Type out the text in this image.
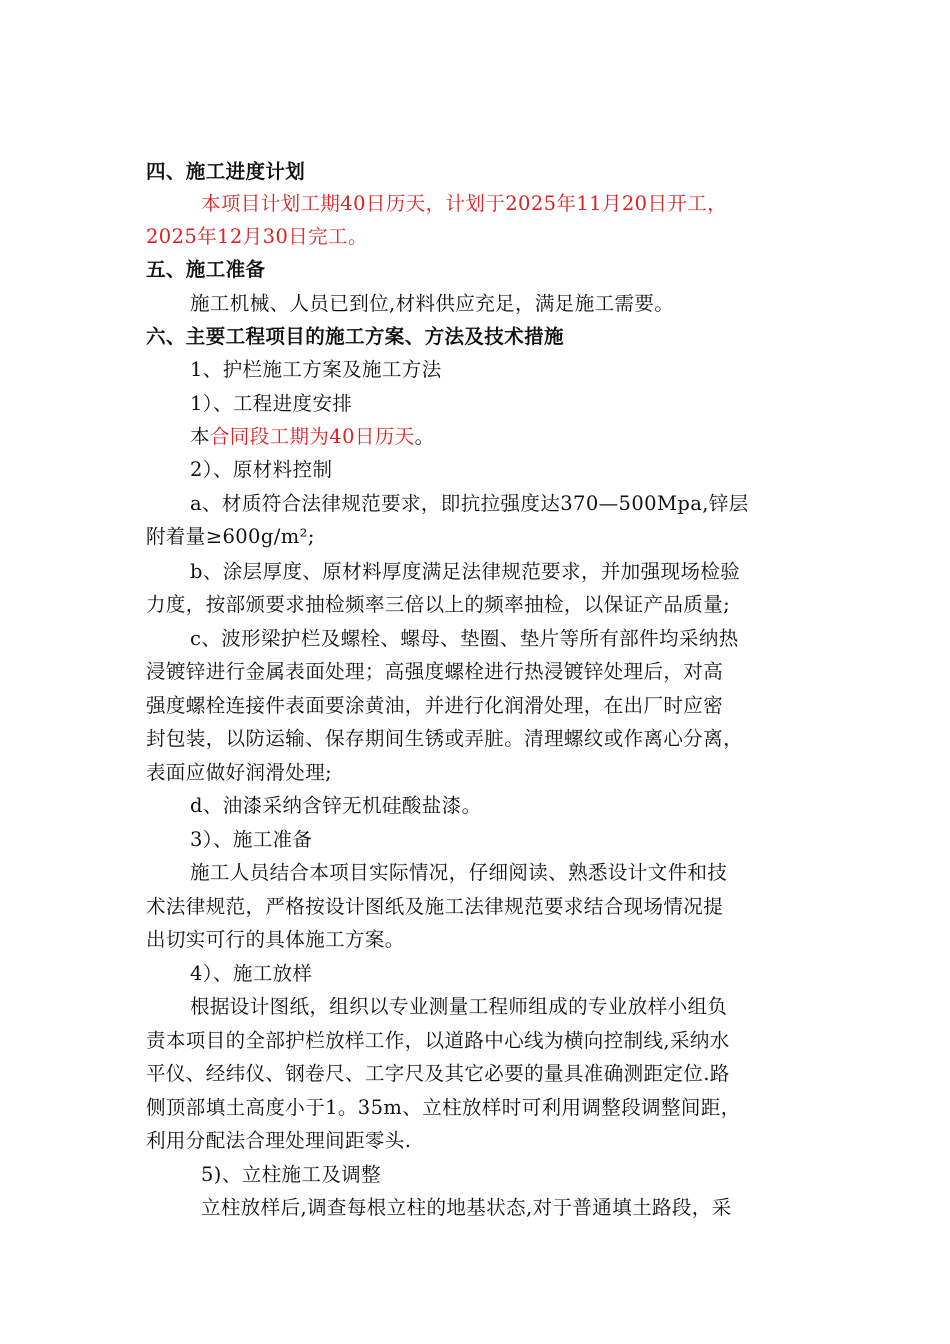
四、施工进度计划
本项目计划工期40日历天，计划于2025年11月20日开工，
2025年12月30日完工。
五、施工准备
施工机械、人员已到位,材料供应充足，满足施工需要。
六、主要工程项目的施工方案、方法及技术措施
1、护栏施工方案及施工方法
1）、工程进度安排
本合同段工期为40日历天。
2）、原材料控制
a、材质符合法律规范要求，即抗拉强度达370—500Mpa,锌层
附着量≥600g/m²;
b、涂层厚度、原材料厚度满足法律规范要求，并加强现场检验
力度，按部颁要求抽检频率三倍以上的频率抽检，以保证产品质量;
c、波形梁护栏及螺栓、螺母、垫圈、垫片等所有部件均采纳热
浸镀锌进行金属表面处理；高强度螺栓进行热浸镀锌处理后，对高
强度螺栓连接件表面要涂黄油，并进行化润滑处理，在出厂时应密
封包装，以防运输、保存期间生锈或弄脏。清理螺纹或作离心分离，
表面应做好润滑处理;
d、油漆采纳含锌无机硅酸盐漆。
3）、施工准备
施工人员结合本项目实际情况，仔细阅读、熟悉设计文件和技
术法律规范，严格按设计图纸及施工法律规范要求结合现场情况提
出切实可行的具体施工方案。
4）、施工放样
根据设计图纸，组织以专业测量工程师组成的专业放样小组负
责本项目的全部护栏放样工作，以道路中心线为横向控制线,采纳水
平仪、经纬仪、钢卷尺、工字尺及其它必要的量具准确测距定位.路
侧顶部填土高度小于1。35m、立柱放样时可利用调整段调整间距，
利用分配法合理处理间距零头.
5)、立柱施工及调整
立柱放样后,调查每根立柱的地基状态,对于普通填土路段，采
